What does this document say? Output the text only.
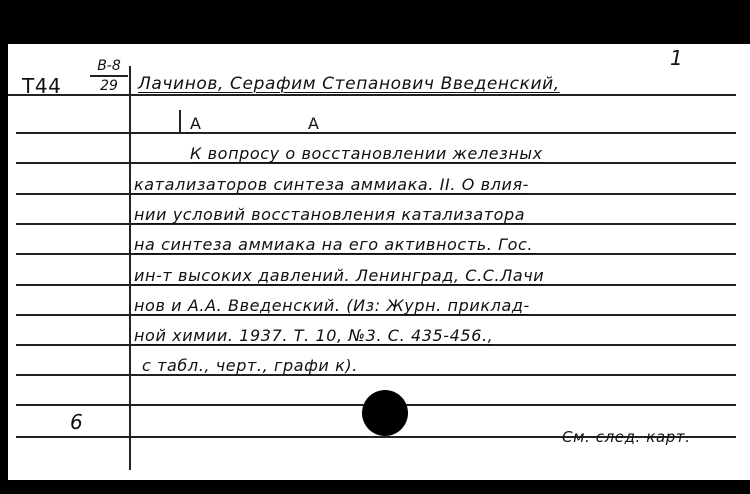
Т44
В-8
29
1
Лачинов, Серафим Степанович Введенский,
А	А
К вопросу о восстановлении железных
катализаторов синтеза аммиака. II. О влия-
нии условий восстановления катализатора
на синтеза аммиака на его активность. Гос.
ин-т высоких давлений. Ленинград, С.С.Лачи
нов и А.А. Введенский. (Из: Журн. приклад-
ной химии. 1937. Т. 10, №3. С. 435-456.,
с табл., черт., графи к).
6
См. след. карт.
